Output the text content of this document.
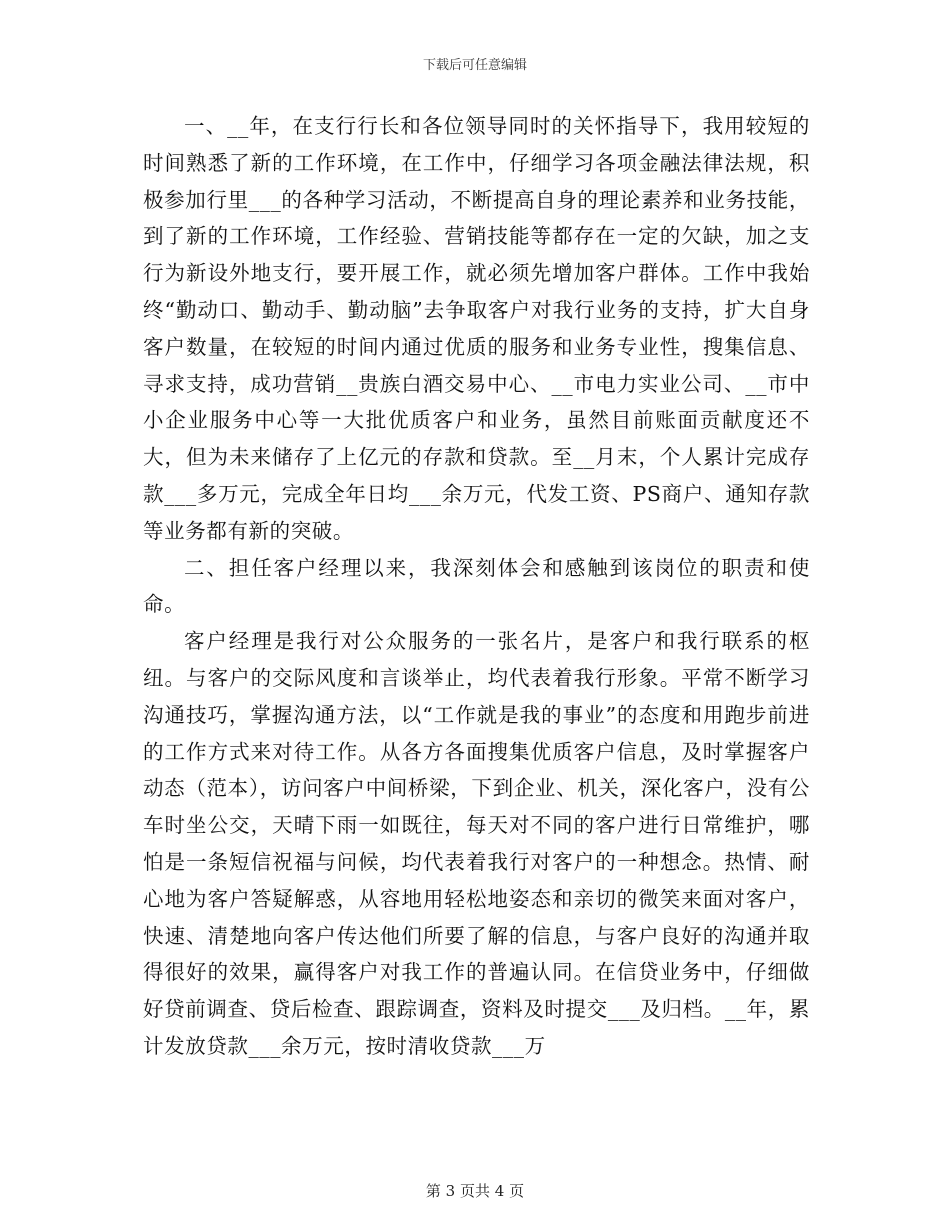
下载后可任意编辑

一、__年，在支行行长和各位领导同时的关怀指导下，我用较短的时间熟悉了新的工作环境，在工作中，仔细学习各项金融法律法规，积极参加行里___的各种学习活动，不断提高自身的理论素养和业务技能，到了新的工作环境，工作经验、营销技能等都存在一定的欠缺，加之支行为新设外地支行，要开展工作，就必须先增加客户群体。工作中我始终“勤动口、勤动手、勤动脑”去争取客户对我行业务的支持，扩大自身客户数量，在较短的时间内通过优质的服务和业务专业性，搜集信息、寻求支持，成功营销__贵族白酒交易中心、__市电力实业公司、__市中小企业服务中心等一大批优质客户和业务，虽然目前账面贡献度还不大，但为未来储存了上亿元的存款和贷款。至__月末，个人累计完成存款___多万元，完成全年日均___余万元，代发工资、PS商户、通知存款等业务都有新的突破。

二、担任客户经理以来，我深刻体会和感触到该岗位的职责和使命。

客户经理是我行对公众服务的一张名片，是客户和我行联系的枢纽。与客户的交际风度和言谈举止，均代表着我行形象。平常不断学习沟通技巧，掌握沟通方法，以“工作就是我的事业”的态度和用跑步前进的工作方式来对待工作。从各方各面搜集优质客户信息，及时掌握客户动态（范本），访问客户中间桥梁，下到企业、机关，深化客户，没有公车时坐公交，天晴下雨一如既往，每天对不同的客户进行日常维护，哪怕是一条短信祝福与问候，均代表着我行对客户的一种想念。热情、耐心地为客户答疑解惑，从容地用轻松地姿态和亲切的微笑来面对客户，快速、清楚地向客户传达他们所要了解的信息，与客户良好的沟通并取得很好的效果，赢得客户对我工作的普遍认同。在信贷业务中，仔细做好贷前调查、贷后检查、跟踪调查，资料及时提交___及归档。__年，累计发放贷款___余万元，按时清收贷款___万

第 3 页共 4 页
